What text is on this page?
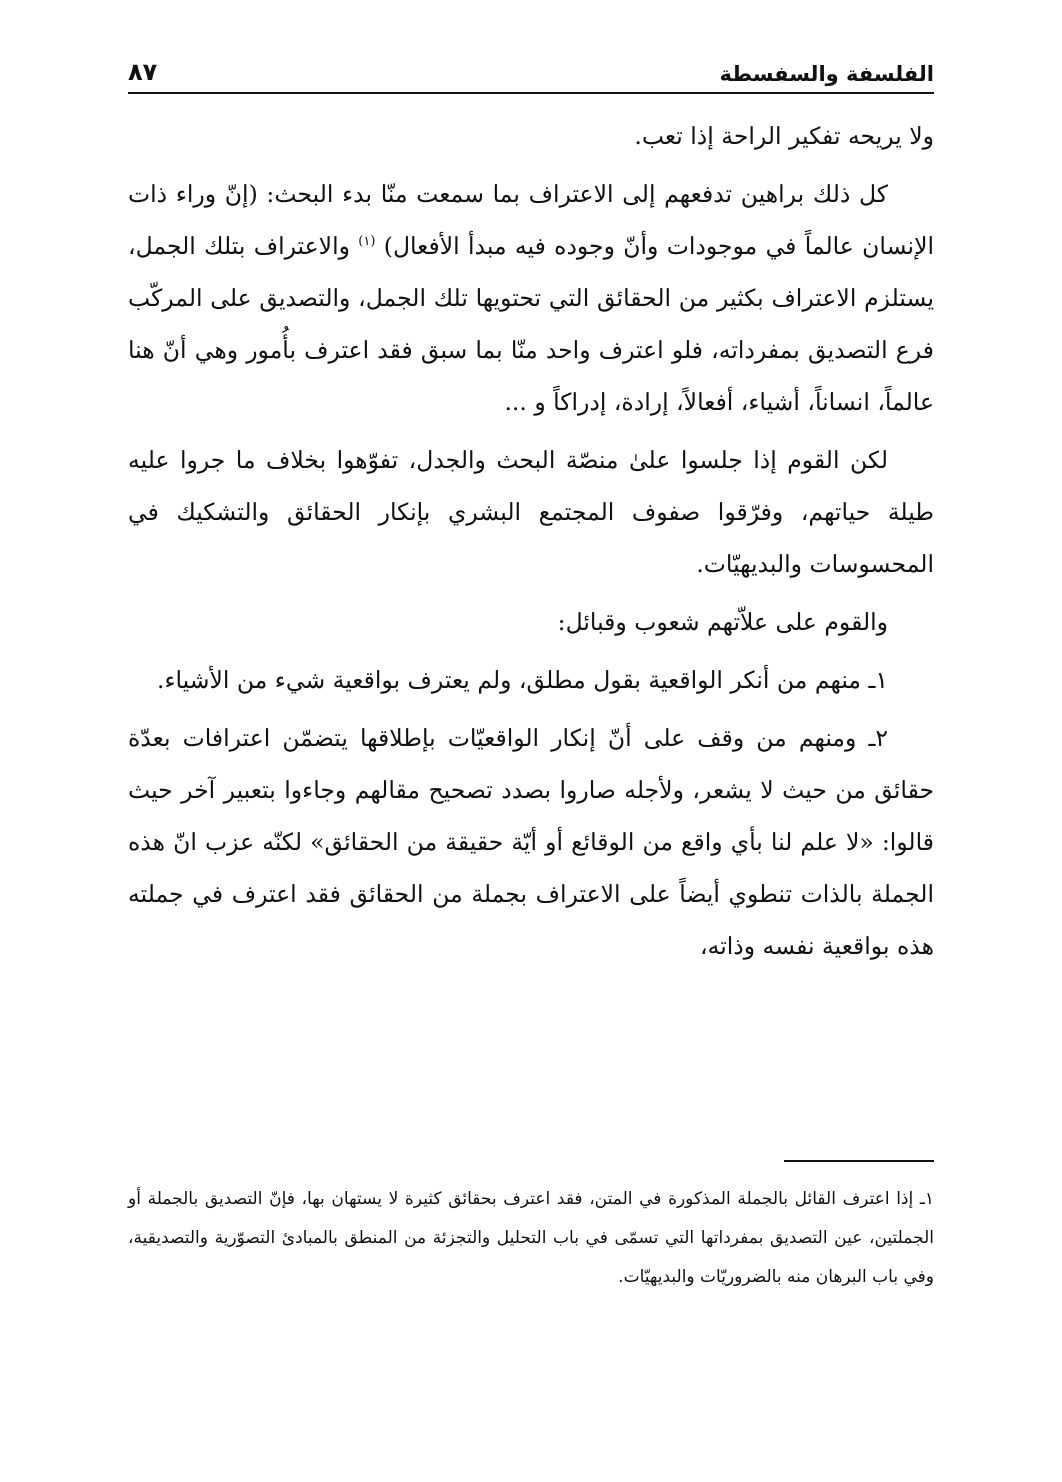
الفلسفة والسفسطة
٨٧

ولا يريحه تفكير الراحة إذا تعب.

كل ذلك براهين تدفعهم إلى الاعتراف بما سمعت منّا بدء البحث: (إنّ وراء ذات الإنسان عالماً في موجودات وأنّ وجوده فيه مبدأ الأفعال) $^{(١)}$ والاعتراف بتلك الجمل، يستلزم الاعتراف بكثير من الحقائق التي تحتويها تلك الجمل، والتصديق على المركّب فرع التصديق بمفرداته، فلو اعترف واحد منّا بما سبق فقد اعترف بأُمور وهي أنّ هنا عالماً، انساناً، أشياء، أفعالاً، إرادة، إدراكاً و ...

لكن القوم إذا جلسوا علىٰ منصّة البحث والجدل، تفوّهوا بخلاف ما جروا عليه طيلة حياتهم، وفرّقوا صفوف المجتمع البشري بإنكار الحقائق والتشكيك في المحسوسات والبديهيّات.

والقوم على علاّتهم شعوب وقبائل:

١ـ منهم من أنكر الواقعية بقول مطلق، ولم يعترف بواقعية شيء من الأشياء.

٢ـ ومنهم من وقف على أنّ إنكار الواقعيّات بإطلاقها يتضمّن اعترافات بعدّة حقائق من حيث لا يشعر، ولأجله صاروا بصدد تصحيح مقالهم وجاءوا بتعبير آخر حيث قالوا: «لا علم لنا بأي واقع من الوقائع أو أيّة حقيقة من الحقائق» لكنّه عزب انّ هذه الجملة بالذات تنطوي أيضاً على الاعتراف بجملة من الحقائق فقد اعترف في جملته هذه بواقعية نفسه وذاته،

١ـ إذا اعترف القائل بالجملة المذكورة في المتن، فقد اعترف بحقائق كثيرة لا يستهان بها، فإنّ التصديق بالجملة أو الجملتين، عين التصديق بمفرداتها التي تسمّى في باب التحليل والتجزئة من المنطق بالمبادئ التصوّرية والتصديقية، وفي باب البرهان منه بالضروريّات والبديهيّات.
